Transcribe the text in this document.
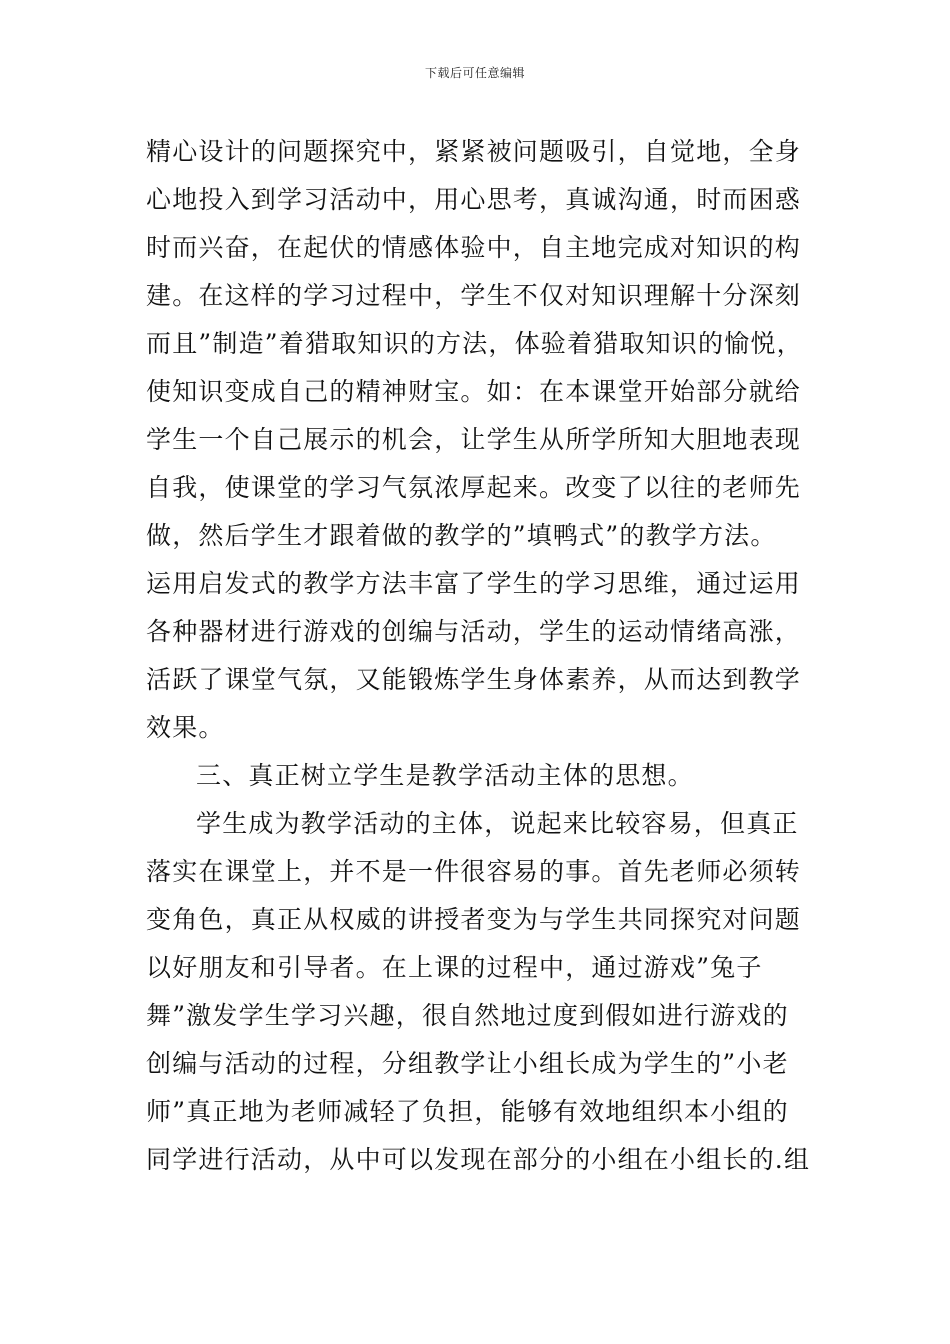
下载后可任意编辑
精心设计的问题探究中，紧紧被问题吸引，自觉地，全身
心地投入到学习活动中，用心思考，真诚沟通，时而困惑
时而兴奋，在起伏的情感体验中，自主地完成对知识的构
建。在这样的学习过程中，学生不仅对知识理解十分深刻
而且”制造”着猎取知识的方法，体验着猎取知识的愉悦，
使知识变成自己的精神财宝。如：在本课堂开始部分就给
学生一个自己展示的机会，让学生从所学所知大胆地表现
自我，使课堂的学习气氛浓厚起来。改变了以往的老师先
做，然后学生才跟着做的教学的”填鸭式”的教学方法。
运用启发式的教学方法丰富了学生的学习思维，通过运用
各种器材进行游戏的创编与活动，学生的运动情绪高涨，
活跃了课堂气氛，又能锻炼学生身体素养，从而达到教学
效果。
三、真正树立学生是教学活动主体的思想。
学生成为教学活动的主体，说起来比较容易，但真正
落实在课堂上，并不是一件很容易的事。首先老师必须转
变角色，真正从权威的讲授者变为与学生共同探究对问题
以好朋友和引导者。在上课的过程中，通过游戏”兔子
舞”激发学生学习兴趣，很自然地过度到假如进行游戏的
创编与活动的过程，分组教学让小组长成为学生的”小老
师”真正地为老师减轻了负担，能够有效地组织本小组的
同学进行活动，从中可以发现在部分的小组在小组长的.组
